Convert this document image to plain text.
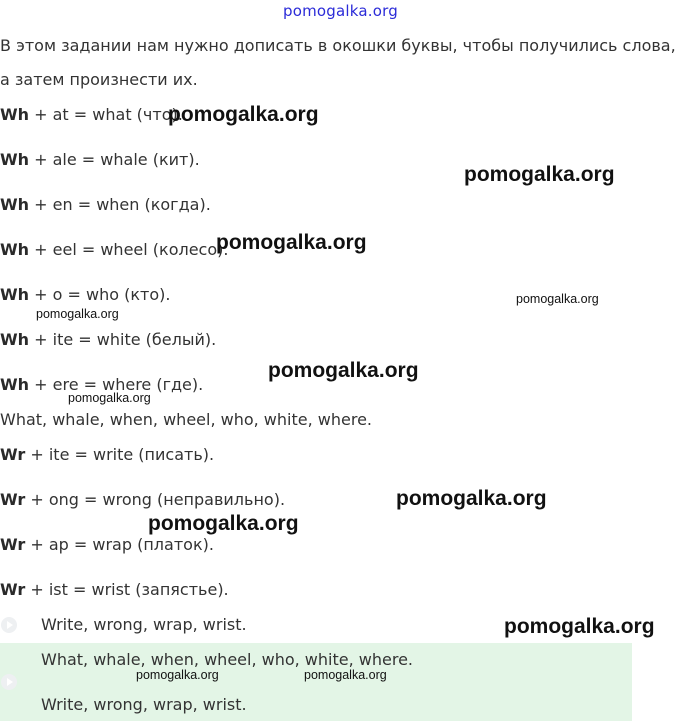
pomogalka.org
В этом задании нам нужно дописать в окошки буквы, чтобы получились слова,
а затем произнести их.
Wh + at = what (что).
Wh + ale = whale (кит).
Wh + en = when (когда).
Wh + eel = wheel (колесо).
Wh + o = who (кто).
Wh + ite = white (белый).
Wh + ere = where (где).
What, whale, when, wheel, who, white, where.
Wr + ite = write (писать).
Wr + ong = wrong (неправильно).
Wr + ap = wrap (платок).
Wr + ist = wrist (запястье).
Write, wrong, wrap, wrist.
What, whale, when, wheel, who, white, where.
Write, wrong, wrap, wrist.
pomogalka.org
pomogalka.org
pomogalka.org
pomogalka.org
pomogalka.org
pomogalka.org
pomogalka.org
pomogalka.org
pomogalka.org
pomogalka.org
pomogalka.org	pomogalka.org
